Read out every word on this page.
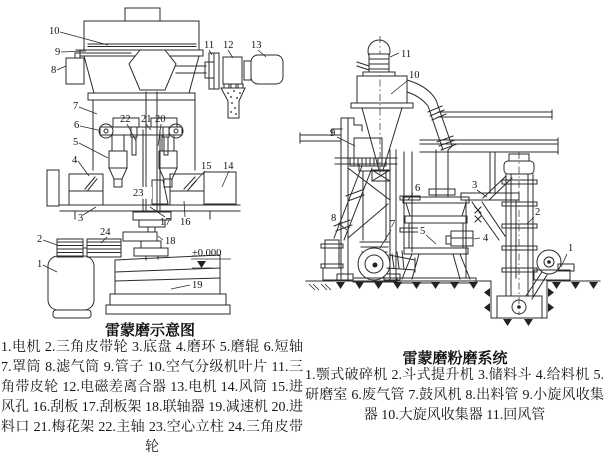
±0.000
10
9
8
7
6
5
4
3
2
1
24
23
22 21 20
11 12 13
15 14
17 16
18
19
11
10
9
8
7
6
5
4
3
2
1
雷蒙磨示意图
1.电机 2.三角皮带轮 3.底盘 4.磨环 5.磨辊 6.短轴 7.罩筒 8.滤气筒 9.管子 10.空气分级机叶片 11.三角带皮轮 12.电磁差离合器 13.电机 14.风筒 15.进风孔 16.刮板 17.刮板架 18.联轴器 19.减速机 20.进料口 21.梅花架 22.主轴 23.空心立柱 24.三角皮带轮
雷蒙磨粉磨系统
1.颚式破碎机 2.斗式提升机 3.储料斗 4.给料机 5.研磨室 6.废气管 7.鼓风机 8.出料管 9.小旋风收集器 10.大旋风收集器 11.回风管
